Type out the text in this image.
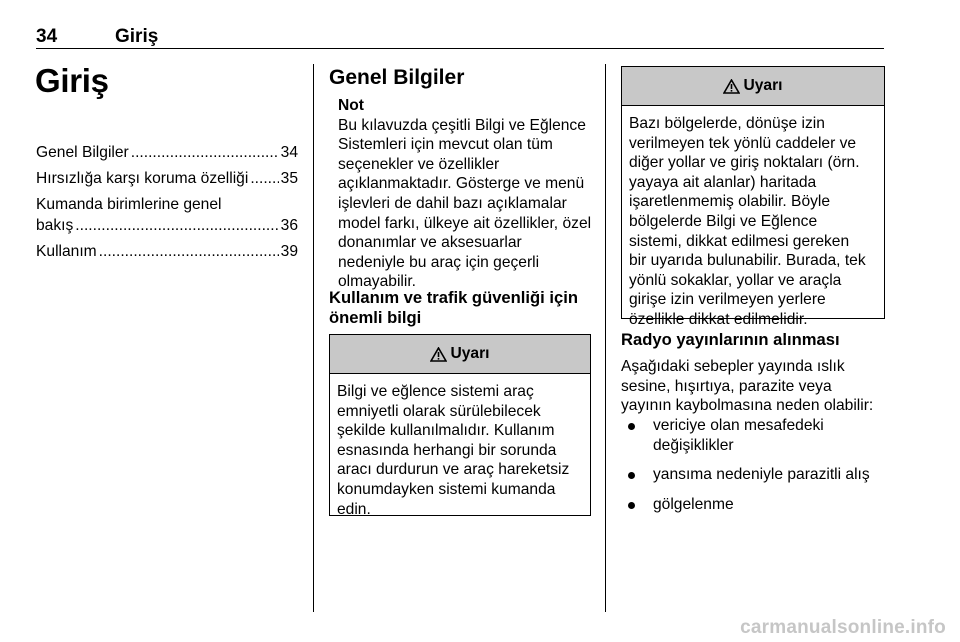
34	Giriş
Giriş
Genel Bilgiler .....	34
Hırsızlığa karşı koruma özelliği ..... 35
Kumanda birimlerine genel
bakış .....	36
Kullanım .....	39
Genel Bilgiler
Not
Bu kılavuzda çeşitli Bilgi ve Eğlence
Sistemleri için mevcut olan tüm
seçenekler ve özellikler
açıklanmaktadır. Gösterge ve menü
işlevleri de dahil bazı açıklamalar
model farkı, ülkeye ait özellikler, özel
donanımlar ve aksesuarlar
nedeniyle bu araç için geçerli
olmayabilir.
Kullanım ve trafik güvenliği için
önemli bilgi
Uyarı
Bilgi ve eğlence sistemi araç
emniyetli olarak sürülebilecek
şekilde kullanılmalıdır. Kullanım
esnasında herhangi bir sorunda
aracı durdurun ve araç hareketsiz
konumdayken sistemi kumanda
edin.
Uyarı
Bazı bölgelerde, dönüşe izin
verilmeyen tek yönlü caddeler ve
diğer yollar ve giriş noktaları (örn.
yayaya ait alanlar) haritada
işaretlenmemiş olabilir. Böyle
bölgelerde Bilgi ve Eğlence
sistemi, dikkat edilmesi gereken
bir uyarıda bulunabilir. Burada, tek
yönlü sokaklar, yollar ve araçla
girişe izin verilmeyen yerlere
özellikle dikkat edilmelidir.
Radyo yayınlarının alınması
Aşağıdaki sebepler yayında ıslık
sesine, hışırtıya, parazite veya
yayının kaybolmasına neden olabilir:
vericiye olan mesafedeki
değişiklikler
yansıma nedeniyle parazitli alış
gölgelenme
carmanualsonline.info
